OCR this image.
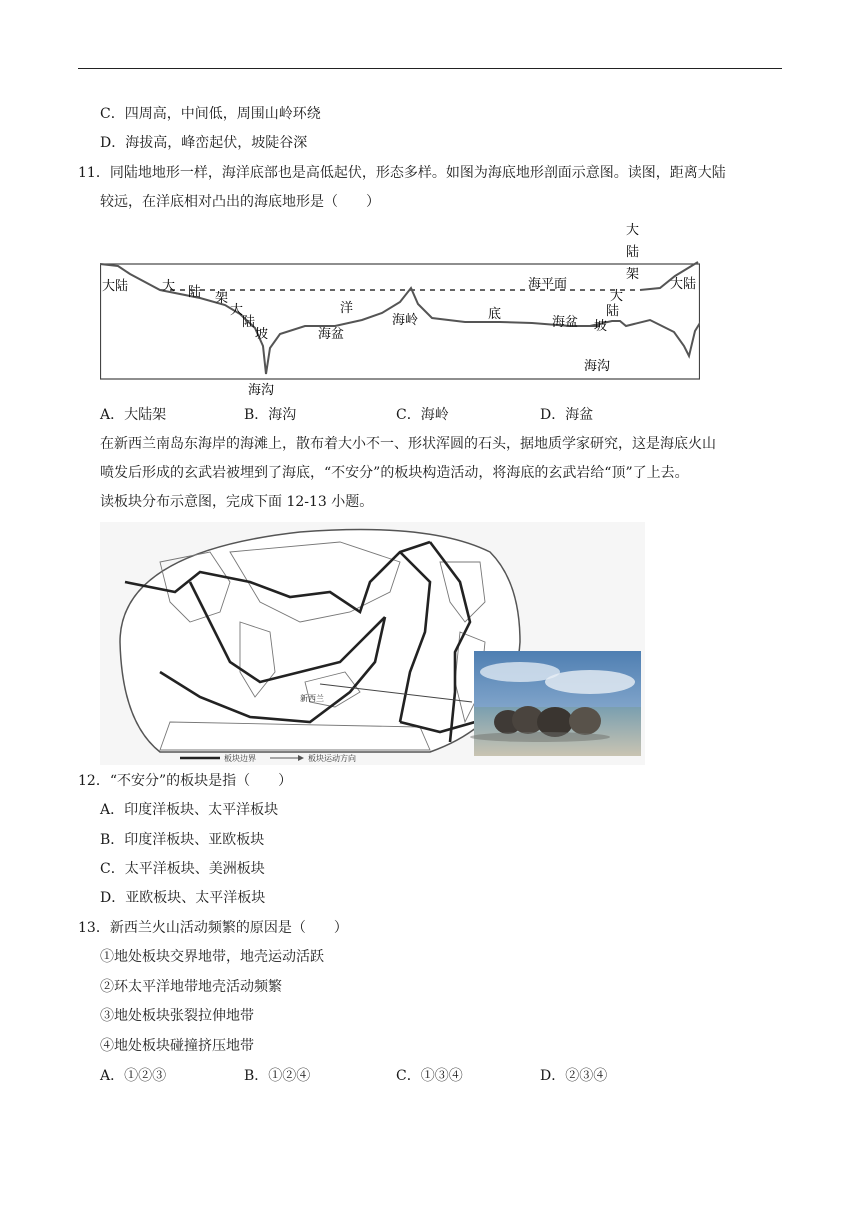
C．四周高，中间低，周围山岭环绕
D．海拔高，峰峦起伏，坡陡谷深
11．同陆地地形一样，海洋底部也是高低起伏，形态多样。如图为海底地形剖面示意图。读图，距离大陆
较远，在洋底相对凸出的海底地形是（　　）
大陆	大 陆 架
大
陆
坡
海沟
洋
海盆
海岭	底
海平面
海盆
大
陆
坡
大
陆
架
海沟
大陆
A．大陆架	B．海沟	C．海岭	D．海盆
在新西兰南岛东海岸的海滩上，散布着大小不一、形状浑圆的石头，据地质学家研究，这是海底火山
喷发后形成的玄武岩被埋到了海底，“不安分”的板块构造活动，将海底的玄武岩给“顶”了上去。
读板块分布示意图，完成下面 12-13 小题。
新西兰
板块边界	板块运动方向
12．“不安分”的板块是指（　　）
A．印度洋板块、太平洋板块
B．印度洋板块、亚欧板块
C．太平洋板块、美洲板块
D．亚欧板块、太平洋板块
13．新西兰火山活动频繁的原因是（　　）
①地处板块交界地带，地壳运动活跃
②环太平洋地带地壳活动频繁
③地处板块张裂拉伸地带
④地处板块碰撞挤压地带
A．①②③	B．①②④	C．①③④	D．②③④
